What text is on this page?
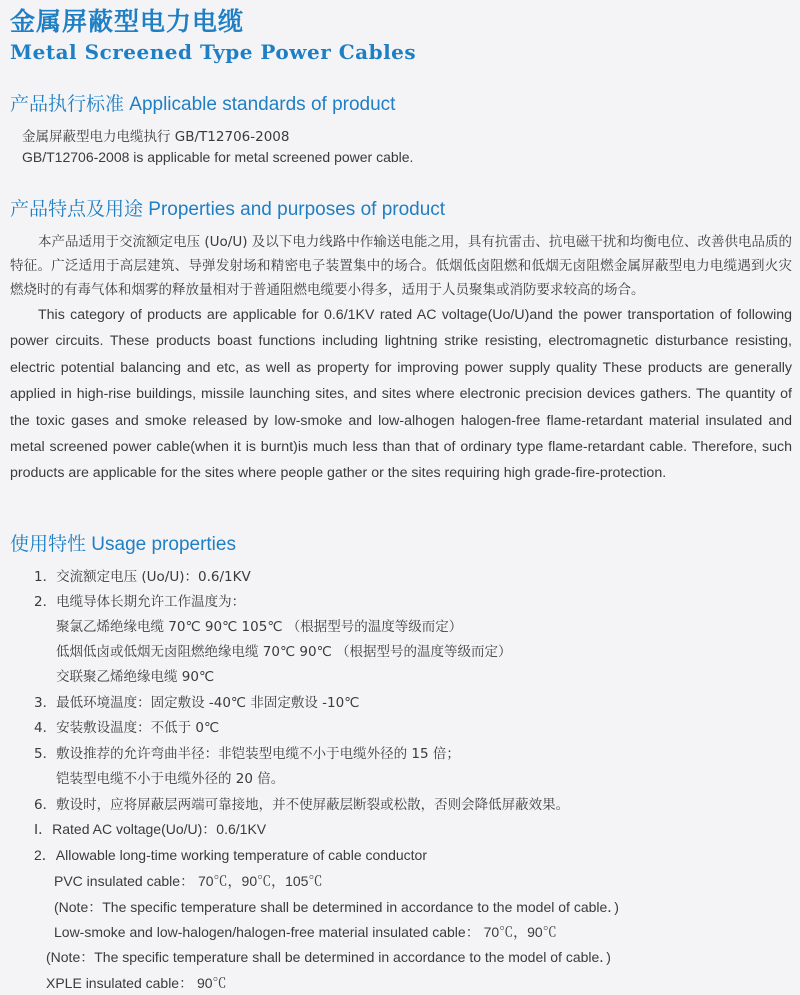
金属屏蔽型电力电缆
Metal Screened Type Power Cables
产品执行标准 Applicable standards of product
金属屏蔽型电力电缆执行 GB/T12706-2008
GB/T12706-2008 is applicable for metal screened power cable.
产品特点及用途 Properties and purposes of product

本产品适用于交流额定电压 (Uo/U) 及以下电力线路中作输送电能之用，具有抗雷击、抗电磁干扰和均衡电位、改善供电品质的特征。广泛适用于高层建筑、导弹发射场和精密电子装置集中的场合。低烟低卤阻燃和低烟无卤阻燃金属屏蔽型电力电缆遇到火灾燃烧时的有毒气体和烟雾的释放量相对于普通阻燃电缆要小得多，适用于人员聚集或消防要求较高的场合。

This category of products are applicable for 0.6/1KV rated AC voltage(Uo/U)and the power transportation of following power circuits. These products boast functions including lightning strike resisting, electromagnetic disturbance resisting, electric potential balancing and etc, as well as property for improving power supply quality These products are generally applied in high-rise buildings, missile launching sites, and sites where electronic precision devices gathers. The quantity of the toxic gases and smoke released by low-smoke and low-alhogen halogen-free flame-retardant material insulated and metal screened power cable(when it is burnt)is much less than that of ordinary type flame-retardant cable. Therefore, such products are applicable for the sites where people gather or the sites requiring high grade-fire-protection.

使用特性 Usage properties
1．交流额定电压 (Uo/U)：0.6/1KV
2．电缆导体长期允许工作温度为：
聚氯乙烯绝缘电缆 70℃ 90℃ 105℃ （根据型号的温度等级而定）
低烟低卤或低烟无卤阻燃绝缘电缆 70℃ 90℃ （根据型号的温度等级而定）
交联聚乙烯绝缘电缆 90℃
3．最低环境温度：固定敷设 -40℃ 非固定敷设 -10℃
4．安装敷设温度：不低于 0℃
5．敷设推荐的允许弯曲半径：非铠装型电缆不小于电缆外径的 15 倍；
铠装型电缆不小于电缆外径的 20 倍。
6．敷设时，应将屏蔽层两端可靠接地，并不使屏蔽层断裂或松散，否则会降低屏蔽效果。
Ⅰ．Rated AC voltage(Uo/U)：0.6/1KV
2．Allowable long-time working temperature of cable conductor
PVC insulated cable： 70℃，90℃，105℃
(Note：The specific temperature shall be determined in accordance to the model of cable．)
Low-smoke and low-halogen/halogen-free material insulated cable： 70℃，90℃
(Note：The specific temperature shall be determined in accordance to the model of cable．)
XPLE insulated cable： 90℃
